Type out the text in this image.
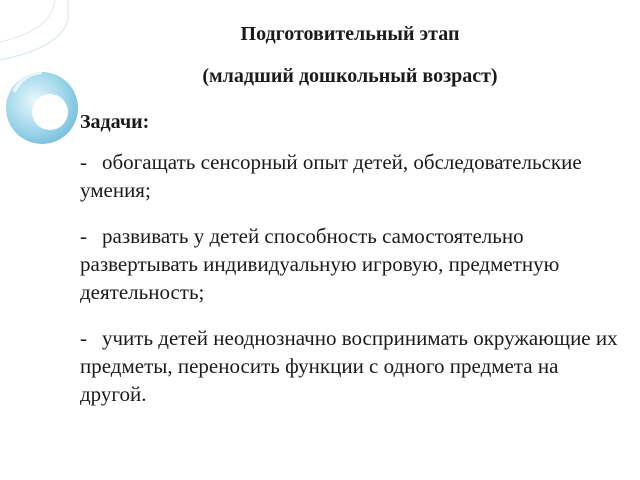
Подготовительный этап
(младший дошкольный возраст)
Задачи:
- обогащать сенсорный опыт детей, обследовательские умения;
- развивать у детей способность самостоятельно развертывать индивидуальную игровую, предметную деятельность;
- учить детей неоднозначно воспринимать окружающие их предметы, переносить функции с одного предмета на другой.
